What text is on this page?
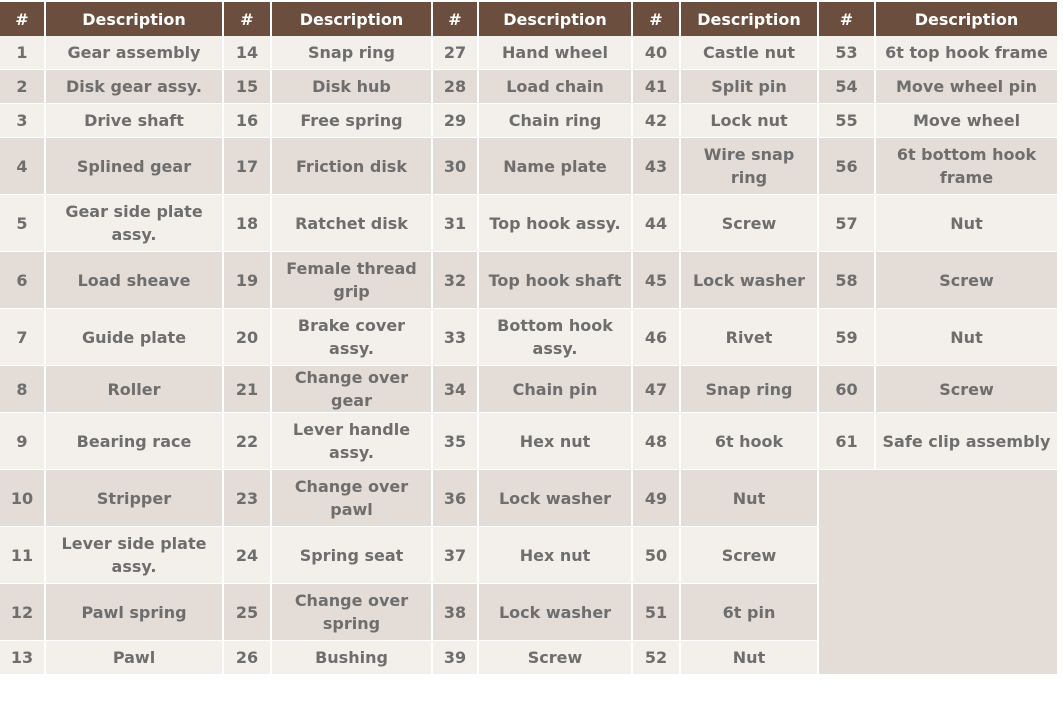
#	Description	#	Description	#	Description	#	Description	#	Description
1	Gear assembly	14	Snap ring	27	Hand wheel	40	Castle nut	53	6t top hook frame
2	Disk gear assy.	15	Disk hub	28	Load chain	41	Split pin	54	Move wheel pin
3	Drive shaft	16	Free spring	29	Chain ring	42	Lock nut	55	Move wheel
4	Splined gear	17	Friction disk	30	Name plate	43	Wire snap ring	56	6t bottom hook frame
5	Gear side plate assy.	18	Ratchet disk	31	Top hook assy.	44	Screw	57	Nut
6	Load sheave	19	Female thread grip	32	Top hook shaft	45	Lock washer	58	Screw
7	Guide plate	20	Brake cover assy.	33	Bottom hook assy.	46	Rivet	59	Nut
8	Roller	21	Change over gear	34	Chain pin	47	Snap ring	60	Screw
9	Bearing race	22	Lever handle assy.	35	Hex nut	48	6t hook	61	Safe clip assembly
10	Stripper	23	Change over pawl	36	Lock washer	49	Nut		
11	Lever side plate assy.	24	Spring seat	37	Hex nut	50	Screw		
12	Pawl spring	25	Change over spring	38	Lock washer	51	6t pin		
13	Pawl	26	Bushing	39	Screw	52	Nut		
